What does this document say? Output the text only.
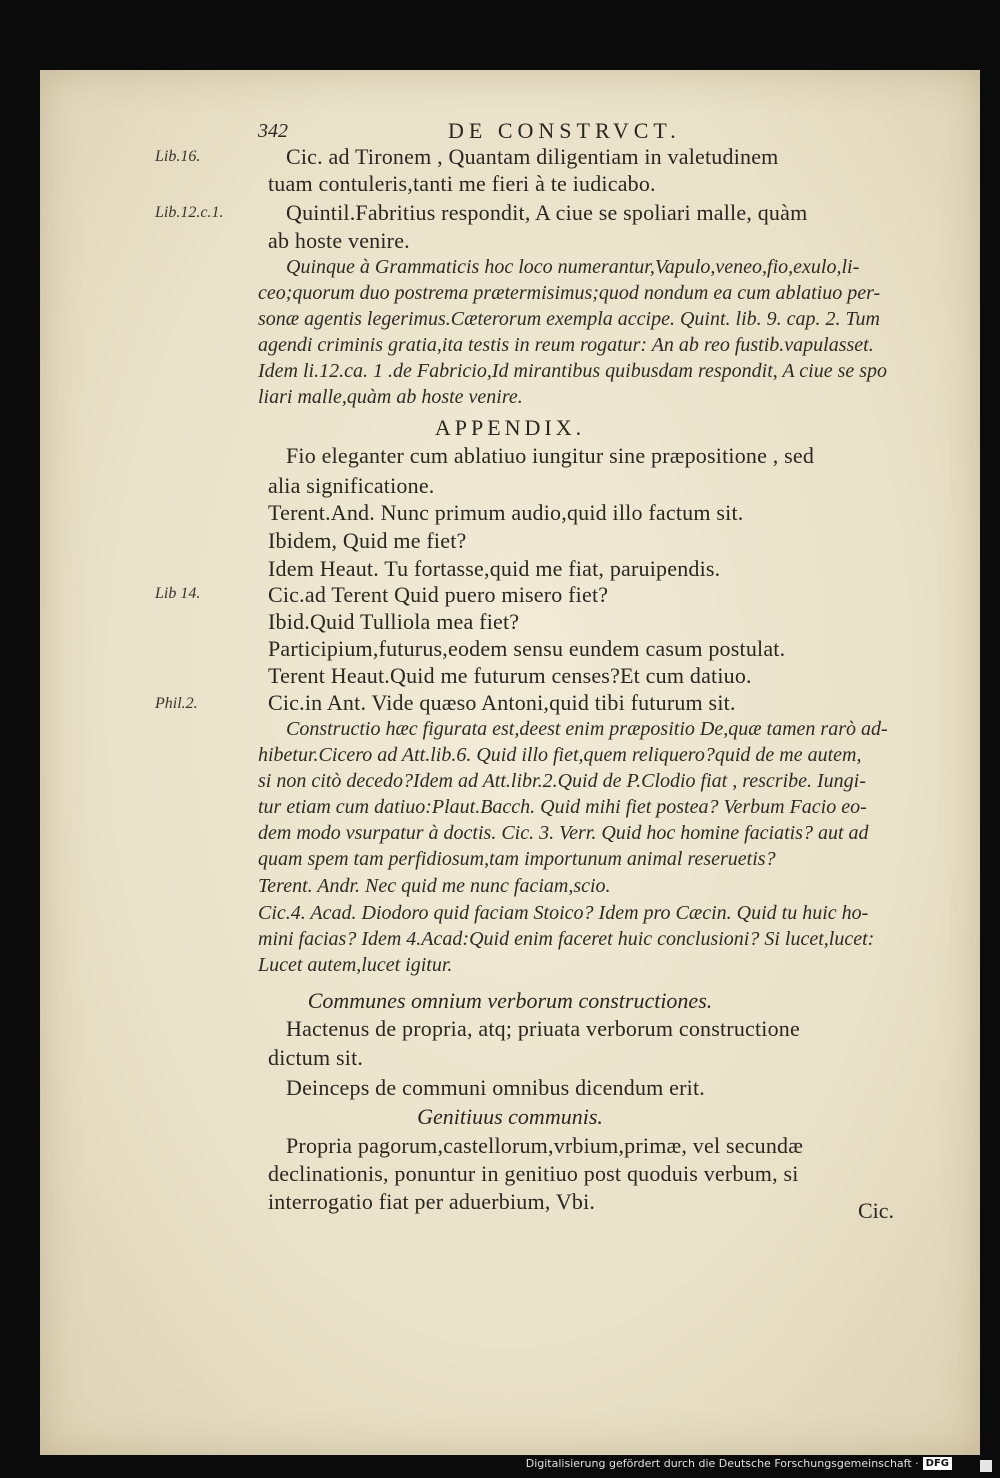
342	DE CONSTRVCT.
Lib.16.
Lib.12.c.1.
Lib 14.
Phil.2.
Cic. ad Tironem , Quantam diligentiam in valetudinem
tuam contuleris,tanti me fieri à te iudicabo.
Quintil.Fabritius respondit, A ciue se spoliari malle, quàm
ab hoste venire.
Quinque à Grammaticis hoc loco numerantur,Vapulo,veneo,fio,exulo,li-
ceo;quorum duo postrema prætermisimus;quod nondum ea cum ablatiuo per-
sonæ agentis legerimus.Cæterorum exempla accipe. Quint. lib. 9. cap. 2. Tum
agendi criminis gratia,ita testis in reum rogatur: An ab reo fustib.vapulasset.
Idem li.12.ca. 1 .de Fabricio,Id mirantibus quibusdam respondit, A ciue se spo
liari malle,quàm ab hoste venire.
APPENDIX.
Fio eleganter cum ablatiuo iungitur sine præpositione , sed
alia significatione.
Terent.And. Nunc primum audio,quid illo factum sit.
Ibidem, Quid me fiet?
Idem Heaut. Tu fortasse,quid me fiat, paruipendis.
Cic.ad Terent Quid puero misero fiet?
Ibid.Quid Tulliola mea fiet?
Participium,futurus,eodem sensu eundem casum postulat.
Terent Heaut.Quid me futurum censes?Et cum datiuo.
Cic.in Ant. Vide quæso Antoni,quid tibi futurum sit.
Constructio hæc figurata est,deest enim præpositio De,quæ tamen rarò ad-
hibetur.Cicero ad Att.lib.6. Quid illo fiet,quem reliquero?quid de me autem,
si non citò decedo?Idem ad Att.libr.2.Quid de P.Clodio fiat , rescribe. Iungi-
tur etiam cum datiuo:Plaut.Bacch. Quid mihi fiet postea? Verbum Facio eo-
dem modo vsurpatur à doctis. Cic. 3. Verr. Quid hoc homine faciatis? aut ad
quam spem tam perfidiosum,tam importunum animal reseruetis?
Terent. Andr. Nec quid me nunc faciam,scio.
Cic.4. Acad. Diodoro quid faciam Stoico? Idem pro Cæcin. Quid tu huic ho-
mini facias? Idem 4.Acad:Quid enim faceret huic conclusioni? Si lucet,lucet:
Lucet autem,lucet igitur.
Communes omnium verborum constructiones.
Hactenus de propria, atq; priuata verborum constructione
dictum sit.
Deinceps de communi omnibus dicendum erit.
Genitiuus communis.
Propria pagorum,castellorum,vrbium,primæ, vel secundæ
declinationis, ponuntur in genitiuo post quoduis verbum, si
interrogatio fiat per aduerbium, Vbi.	Cic.
Digitalisierung gefördert durch die Deutsche Forschungsgemeinschaft · DFG
